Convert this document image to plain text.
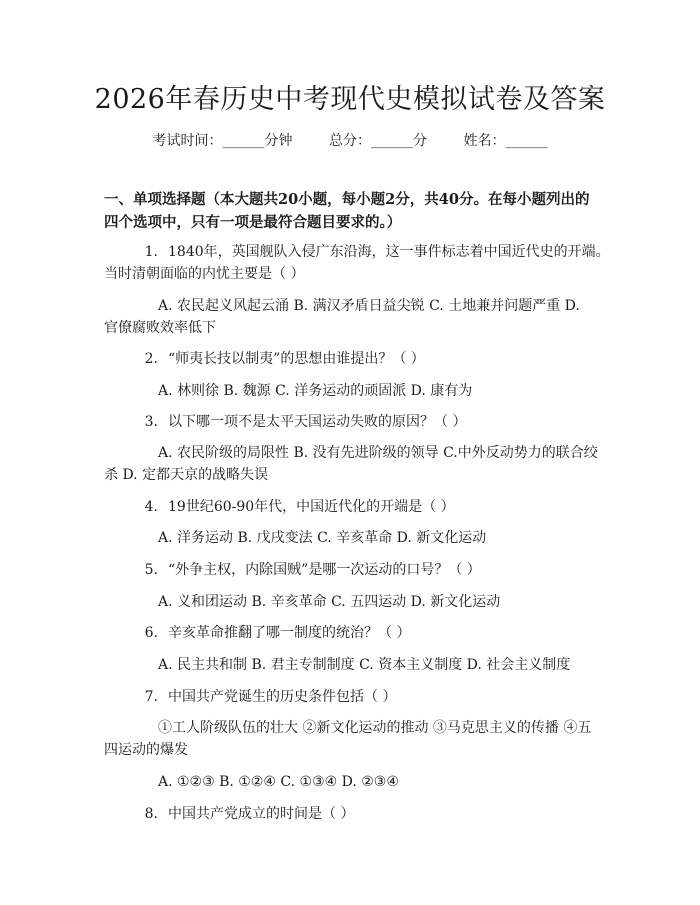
2026年春历史中考现代史模拟试卷及答案
考试时间：______分钟	总分：______分	姓名：______

一、单项选择题（本大题共20小题，每小题2分，共40分。在每小题列出的四个选项中，只有一项是最符合题目要求的。）

1. 1840年，英国舰队入侵广东沿海，这一事件标志着中国近代史的开端。

当时清朝面临的内忧主要是（ ）

A. 农民起义风起云涌 B. 满汉矛盾日益尖锐 C. 土地兼并问题严重 D.

官僚腐败效率低下

2. “师夷长技以制夷”的思想由谁提出？（ ）

A. 林则徐 B. 魏源 C. 洋务运动的顽固派 D. 康有为

3. 以下哪一项不是太平天国运动失败的原因？（ ）

A. 农民阶级的局限性 B. 没有先进阶级的领导 C.中外反动势力的联合绞

杀 D. 定都天京的战略失误

4. 19世纪60-90年代，中国近代化的开端是（ ）

A. 洋务运动 B. 戊戌变法 C. 辛亥革命 D. 新文化运动

5. “外争主权，内除国贼”是哪一次运动的口号？（ ）

A. 义和团运动 B. 辛亥革命 C. 五四运动 D. 新文化运动

6. 辛亥革命推翻了哪一制度的统治？（ ）

A. 民主共和制 B. 君主专制制度 C. 资本主义制度 D. 社会主义制度

7. 中国共产党诞生的历史条件包括（ ）

①工人阶级队伍的壮大 ②新文化运动的推动 ③马克思主义的传播 ④五

四运动的爆发

A. ①②③ B. ①②④ C. ①③④ D. ②③④

8. 中国共产党成立的时间是（ ）
